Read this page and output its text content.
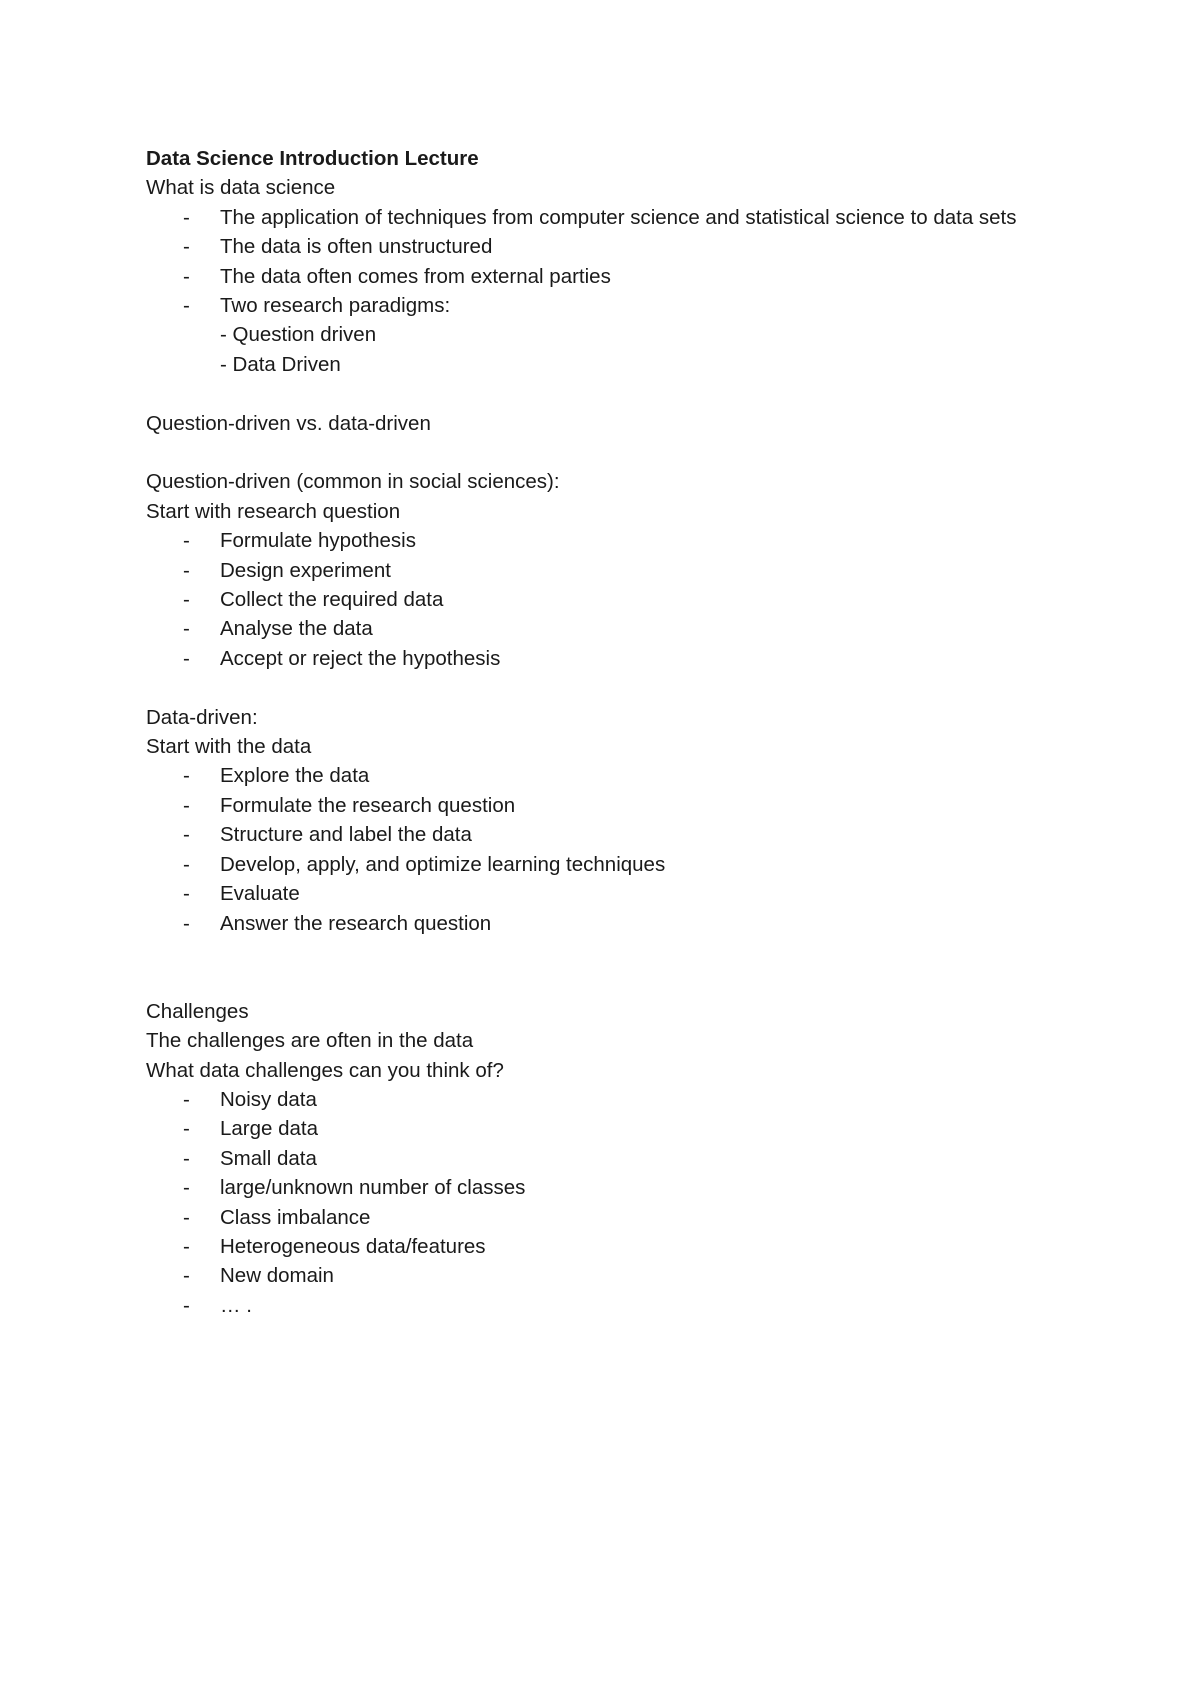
Data Science Introduction Lecture
What is data science
- The application of techniques from computer science and statistical science to data sets
- The data is often unstructured
- The data often comes from external parties
- Two research paradigms:
- Question driven
- Data Driven
Question-driven vs. data-driven
Question-driven (common in social sciences):
Start with research question
- Formulate hypothesis
- Design experiment
- Collect the required data
- Analyse the data
- Accept or reject the hypothesis
Data-driven:
Start with the data
- Explore the data
- Formulate the research question
- Structure and label the data
- Develop, apply, and optimize learning techniques
- Evaluate
- Answer the research question
Challenges
The challenges are often in the data
What data challenges can you think of?
- Noisy data
- Large data
- Small data
- large/unknown number of classes
- Class imbalance
- Heterogeneous data/features
- New domain
- … .
